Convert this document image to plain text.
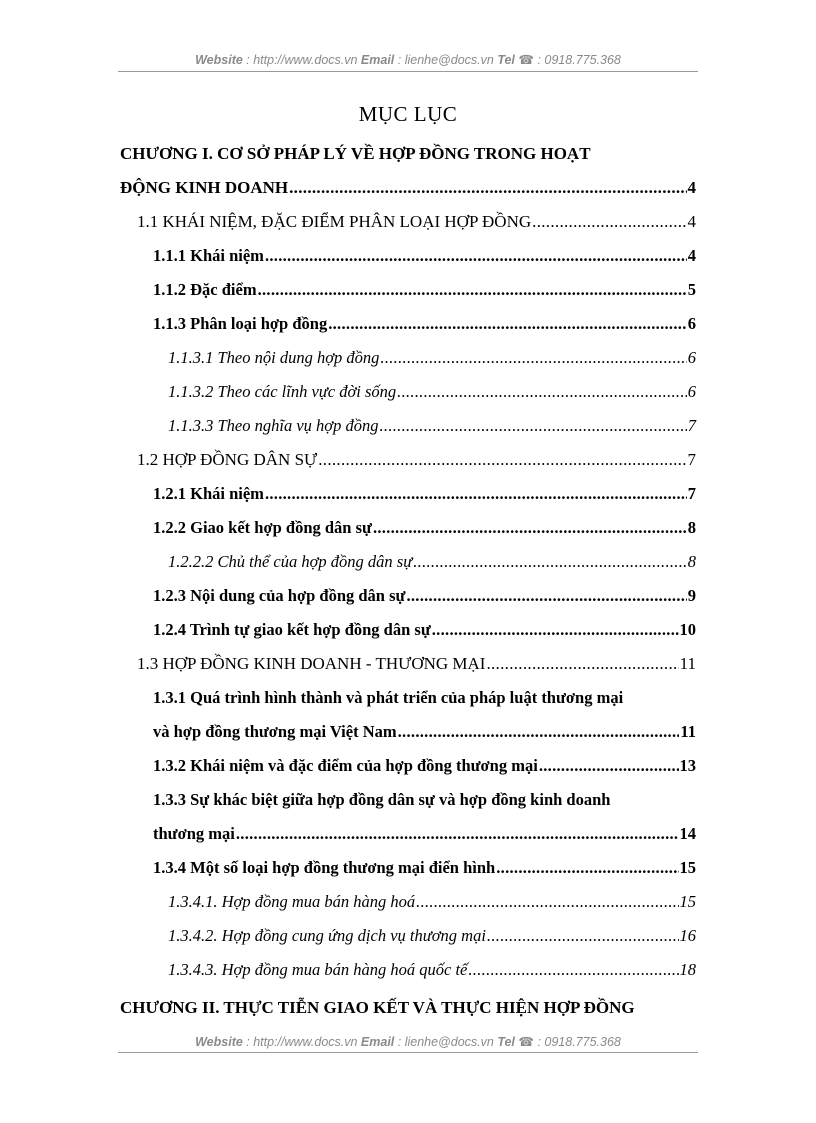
Website : http://www.docs.vn Email : lienhe@docs.vn Tel ☎ : 0918.775.368
MỤC LỤC
CHƯƠNG I. CƠ SỞ PHÁP LÝ VỀ HỢP ĐỒNG TRONG HOẠT
ĐỘNG KINH DOANH .....	4
1.1 KHÁI NIỆM, ĐẶC ĐIỂM PHÂN LOẠI HỢP ĐỒNG .....	4
1.1.1 Khái niệm .....	4
1.1.2 Đặc điểm .....	5
1.1.3 Phân loại hợp đồng .....	6
1.1.3.1 Theo nội dung hợp đồng .....	6
1.1.3.2 Theo các lĩnh vực đời sống .....	6
1.1.3.3 Theo nghĩa vụ hợp đồng .....	7
1.2 HỢP ĐỒNG DÂN SỰ .....	7
1.2.1 Khái niệm .....	7
1.2.2 Giao kết hợp đồng dân sự .....	8
1.2.2.2 Chủ thể của hợp đồng dân sự .....	8
1.2.3 Nội dung của hợp đồng dân sự .....	9
1.2.4 Trình tự giao kết hợp đồng dân sự .....	10
1.3 HỢP ĐỒNG KINH DOANH - THƯƠNG MẠI .....	11
1.3.1 Quá trình hình thành và phát triển của pháp luật thương mại
và hợp đồng thương mại Việt Nam .....	11
1.3.2 Khái niệm và đặc điểm của hợp đồng thương mại .....	13
1.3.3 Sự khác biệt giữa hợp đồng dân sự và hợp đồng kinh doanh
thương mại .....	14
1.3.4 Một số loại hợp đồng thương mại điển hình .....	15
1.3.4.1. Hợp đồng mua bán hàng hoá .....	15
1.3.4.2. Hợp đồng cung ứng dịch vụ thương mại .....	16
1.3.4.3. Hợp đồng mua bán hàng hoá quốc tế .....	18
CHƯƠNG II. THỰC TIỄN GIAO KẾT VÀ THỰC HIỆN HỢP ĐỒNG
Website : http://www.docs.vn Email : lienhe@docs.vn Tel ☎ : 0918.775.368
